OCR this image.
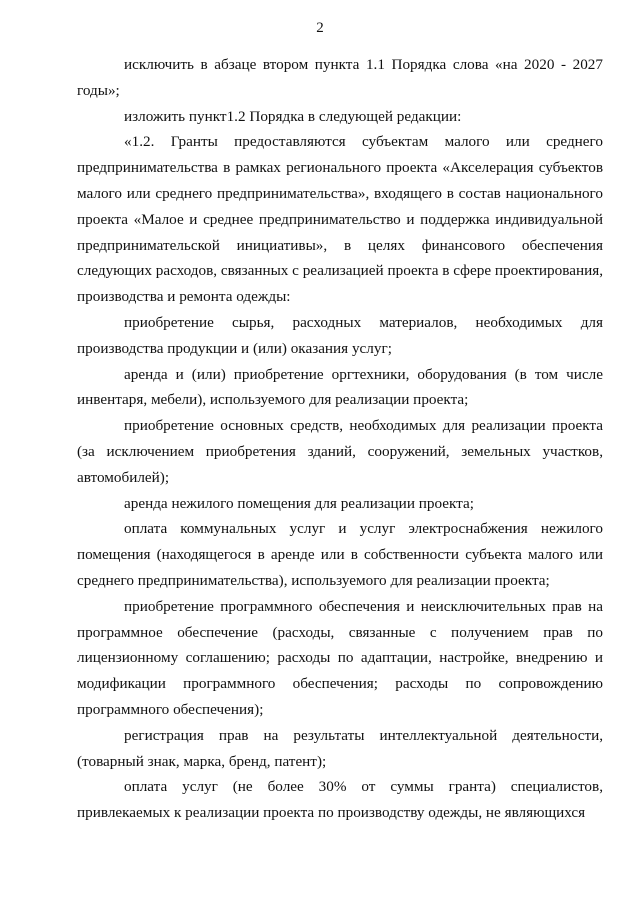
2

исключить в абзаце втором пункта 1.1 Порядка слова «на 2020 - 2027 годы»;

изложить пункт1.2 Порядка в следующей редакции:

«1.2. Гранты предоставляются субъектам малого или среднего предпринимательства в рамках регионального проекта «Акселерация субъектов малого или среднего предпринимательства», входящего в состав национального проекта «Малое и среднее предпринимательство и поддержка индивидуальной предпринимательской инициативы», в целях финансового обеспечения следующих расходов, связанных с реализацией проекта в сфере проектирования, производства и ремонта одежды:

приобретение сырья, расходных материалов, необходимых для производства продукции и (или) оказания услуг;

аренда и (или) приобретение оргтехники, оборудования (в том числе инвентаря, мебели), используемого для реализации проекта;

приобретение основных средств, необходимых для реализации проекта (за исключением приобретения зданий, сооружений, земельных участков, автомобилей);

аренда нежилого помещения для реализации проекта;

оплата коммунальных услуг и услуг электроснабжения нежилого помещения (находящегося в аренде или в собственности субъекта малого или среднего предпринимательства), используемого для реализации проекта;

приобретение программного обеспечения и неисключительных прав на программное обеспечение (расходы, связанные с получением прав по лицензионному соглашению; расходы по адаптации, настройке, внедрению и модификации программного обеспечения; расходы по сопровождению программного обеспечения);

регистрация прав на результаты интеллектуальной деятельности, (товарный знак, марка, бренд, патент);

оплата услуг (не более 30% от суммы гранта) специалистов, привлекаемых к реализации проекта по производству одежды, не являющихся
